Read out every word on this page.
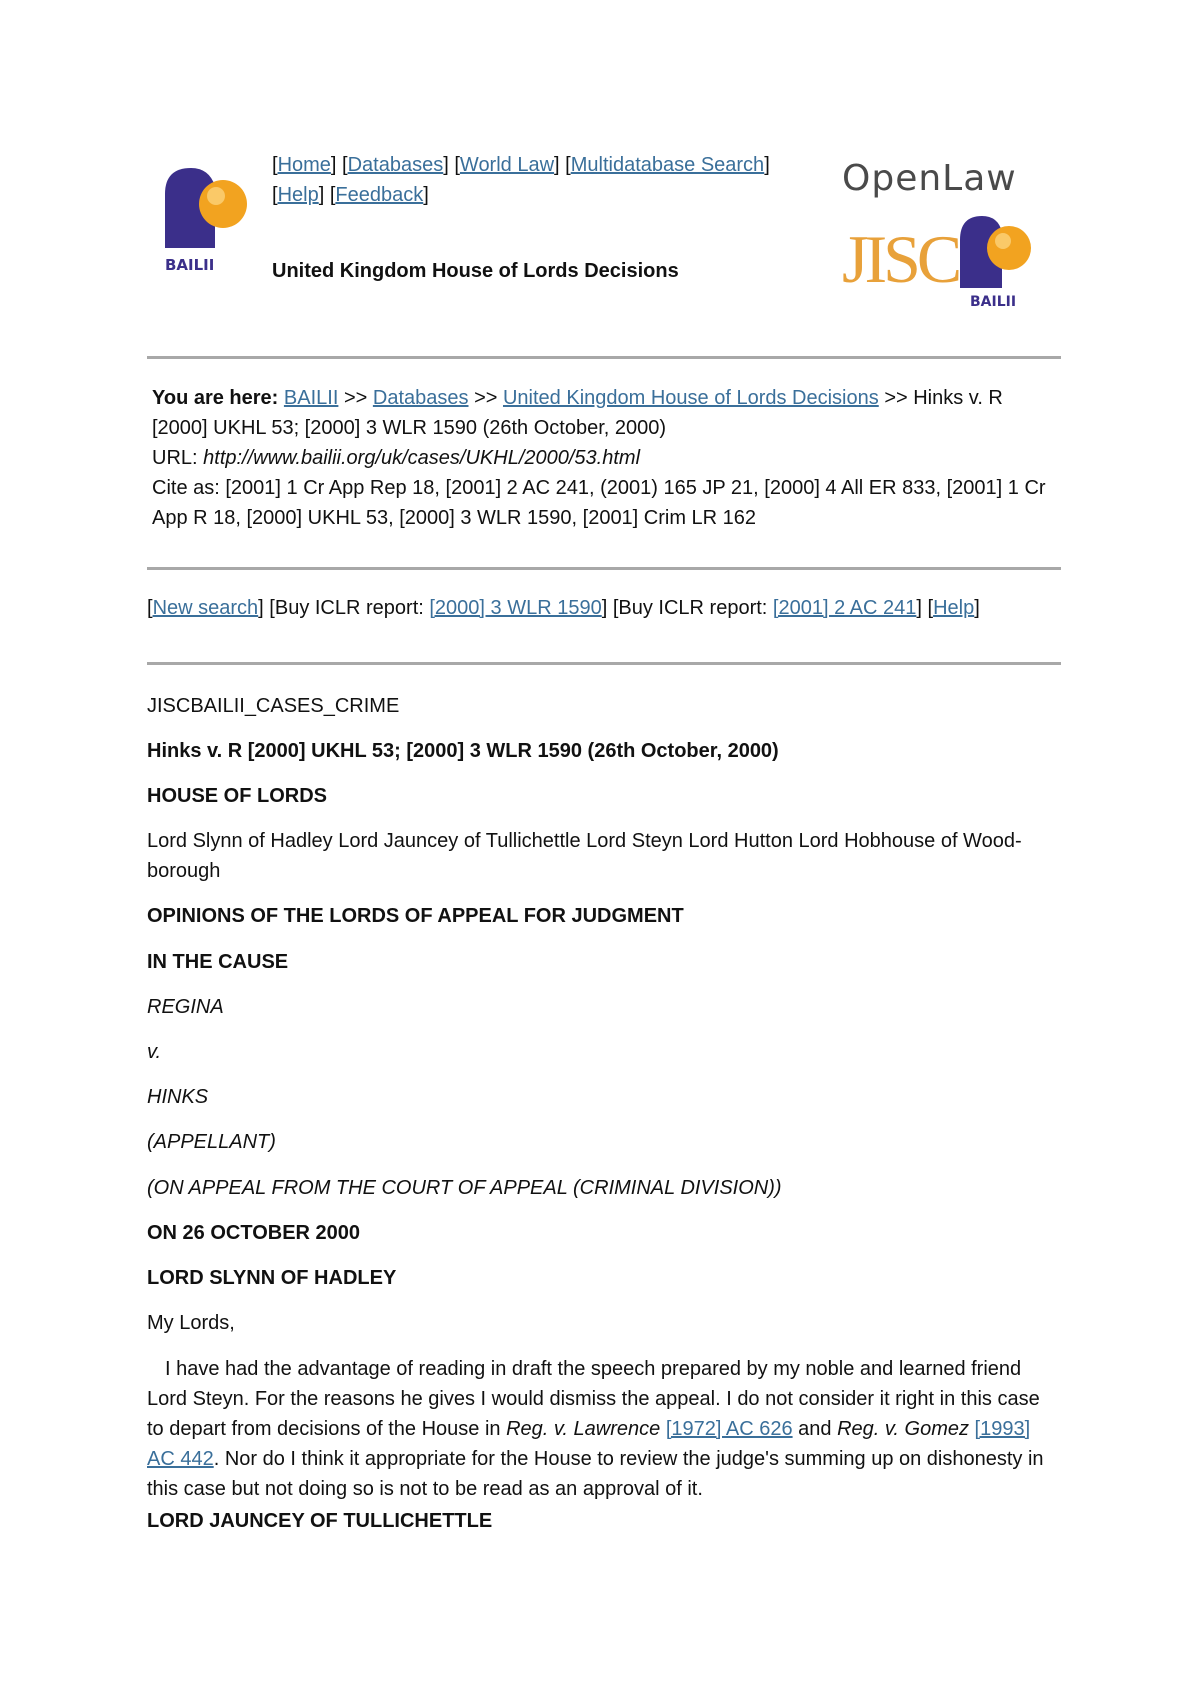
BAILII
[Home] [Databases] [World Law] [Multidatabase Search]
[Help] [Feedback]
United Kingdom House of Lords Decisions
OpenLaw
JISC
BAILII
You are here: BAILII >> Databases >> United Kingdom House of Lords Decisions >> Hinks v. R [2000] UKHL 53; [2000] 3 WLR 1590 (26th October, 2000)
URL: http://www.bailii.org/uk/cases/UKHL/2000/53.html
Cite as: [2001] 1 Cr App Rep 18, [2001] 2 AC 241, (2001) 165 JP 21, [2000] 4 All ER 833, [2001] 1 Cr App R 18, [2000] UKHL 53, [2000] 3 WLR 1590, [2001] Crim LR 162
[New search] [Buy ICLR report: [2000] 3 WLR 1590] [Buy ICLR report: [2001] 2 AC 241] [Help]

JISCBAILII_CASES_CRIME

Hinks v. R [2000] UKHL 53; [2000] 3 WLR 1590 (26th October, 2000)

HOUSE OF LORDS

Lord Slynn of Hadley Lord Jauncey of Tullichettle Lord Steyn Lord Hutton Lord Hobhouse of Wood-borough

OPINIONS OF THE LORDS OF APPEAL FOR JUDGMENT

IN THE CAUSE

REGINA

v.

HINKS

(APPELLANT)

(ON APPEAL FROM THE COURT OF APPEAL (CRIMINAL DIVISION))

ON 26 OCTOBER 2000

LORD SLYNN OF HADLEY

My Lords,

I have had the advantage of reading in draft the speech prepared by my noble and learned friend Lord Steyn. For the reasons he gives I would dismiss the appeal. I do not consider it right in this case to depart from decisions of the House in Reg. v. Lawrence [1972] AC 626 and Reg. v. Gomez [1993] AC 442. Nor do I think it appropriate for the House to review the judge's summing up on dishonesty in this case but not doing so is not to be read as an approval of it.

LORD JAUNCEY OF TULLICHETTLE
